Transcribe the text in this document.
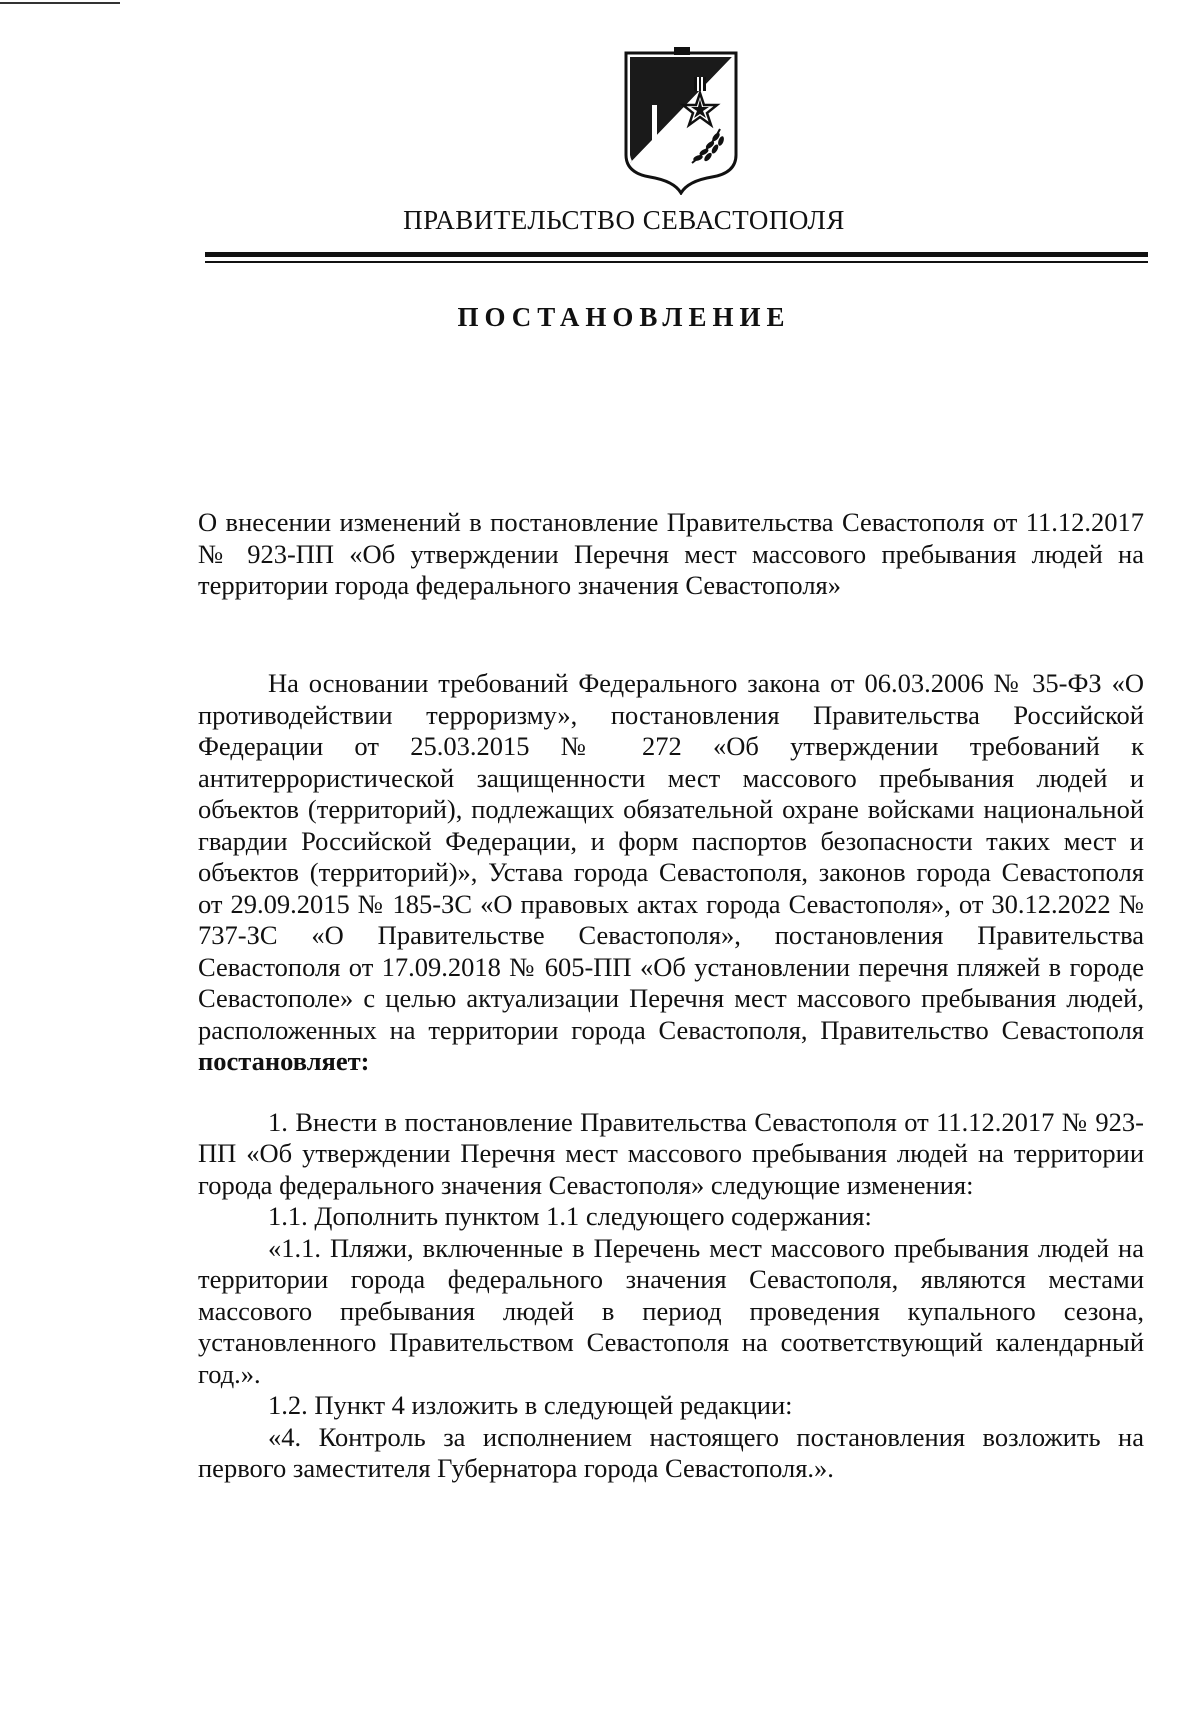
ПРАВИТЕЛЬСТВО СЕВАСТОПОЛЯ
ПОСТАНОВЛЕНИЕ

О внесении изменений в постановление Правительства Севастополя от 11.12.2017 № 923-ПП «Об утверждении Перечня мест массового пребывания людей на территории города федерального значения Севастополя»

На основании требований Федерального закона от 06.03.2006 № 35-ФЗ «О противодействии терроризму», постановления Правительства Российской Федерации от 25.03.2015 № 272 «Об утверждении требований к антитеррористической защищенности мест массового пребывания людей и объектов (территорий), подлежащих обязательной охране войсками национальной гвардии Российской Федерации, и форм паспортов безопасности таких мест и объектов (территорий)», Устава города Севастополя, законов города Севастополя от 29.09.2015 № 185-ЗС «О правовых актах города Севастополя», от 30.12.2022 № 737-ЗС «О Правительстве Севастополя», постановления Правительства Севастополя от 17.09.2018 № 605-ПП «Об установлении перечня пляжей в городе Севастополе» с целью актуализации Перечня мест массового пребывания людей, расположенных на территории города Севастополя, Правительство Севастополя постановляет:

1. Внести в постановление Правительства Севастополя от 11.12.2017 № 923-ПП «Об утверждении Перечня мест массового пребывания людей на территории города федерального значения Севастополя» следующие изменения:

1.1. Дополнить пунктом 1.1 следующего содержания:

«1.1. Пляжи, включенные в Перечень мест массового пребывания людей на территории города федерального значения Севастополя, являются местами массового пребывания людей в период проведения купального сезона, установленного Правительством Севастополя на соответствующий календарный год.».

1.2. Пункт 4 изложить в следующей редакции:

«4. Контроль за исполнением настоящего постановления возложить на первого заместителя Губернатора города Севастополя.».
